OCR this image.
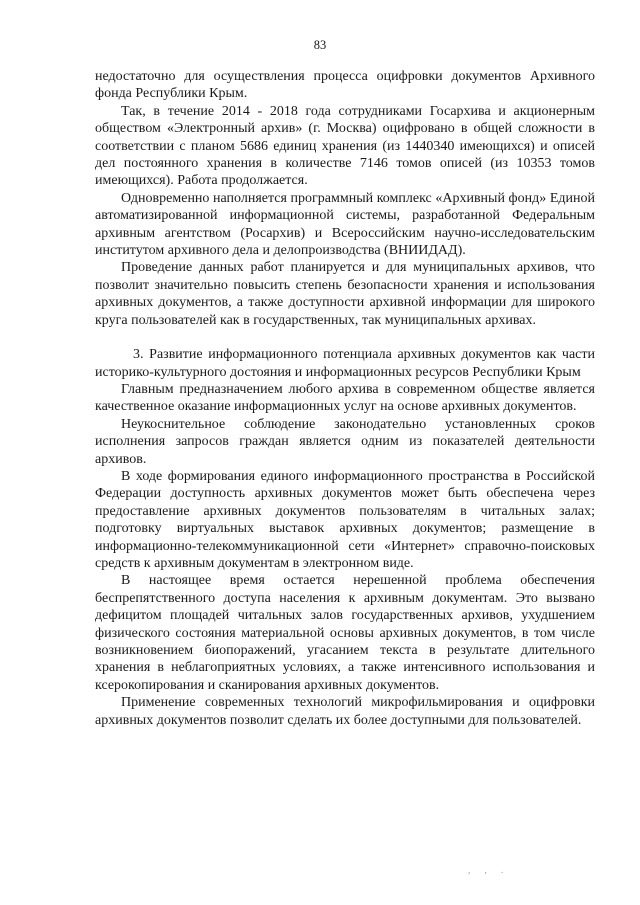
83

недостаточно для осуществления процесса оцифровки документов Архивного фонда Республики Крым.

Так, в течение 2014 - 2018 года сотрудниками Госархива и акционерным обществом «Электронный архив» (г. Москва) оцифровано в общей сложности в соответствии с планом 5686 единиц хранения (из 1440340 имеющихся) и описей дел постоянного хранения в количестве 7146 томов описей (из 10353 томов имеющихся). Работа продолжается.

Одновременно наполняется программный комплекс «Архивный фонд» Единой автоматизированной информационной системы, разработанной Федеральным архивным агентством (Росархив) и Всероссийским научно-исследовательским институтом архивного дела и делопроизводства (ВНИИДАД).

Проведение данных работ планируется и для муниципальных архивов, что позволит значительно повысить степень безопасности хранения и использования архивных документов, а также доступности архивной информации для широкого круга пользователей как в государственных, так муниципальных архивах.

3. Развитие информационного потенциала архивных документов как части историко-культурного достояния и информационных ресурсов Республики Крым

Главным предназначением любого архива в современном обществе является качественное оказание информационных услуг на основе архивных документов.

Неукоснительное соблюдение законодательно установленных сроков исполнения запросов граждан является одним из показателей деятельности архивов.

В ходе формирования единого информационного пространства в Российской Федерации доступность архивных документов может быть обеспечена через предоставление архивных документов пользователям в читальных залах; подготовку виртуальных выставок архивных документов; размещение в информационно-телекоммуникационной сети «Интернет» справочно-поисковых средств к архивным документам в электронном виде.

В настоящее время остается нерешенной проблема обеспечения беспрепятственного доступа населения к архивным документам. Это вызвано дефицитом площадей читальных залов государственных архивов, ухудшением физического состояния материальной основы архивных документов, в том числе возникновением биопоражений, угасанием текста в результате длительного хранения в неблагоприятных условиях, а также интенсивного использования и ксерокопирования и сканирования архивных документов.

Применение современных технологий микрофильмирования и оцифровки архивных документов позволит сделать их более доступными для пользователей.

, , .
